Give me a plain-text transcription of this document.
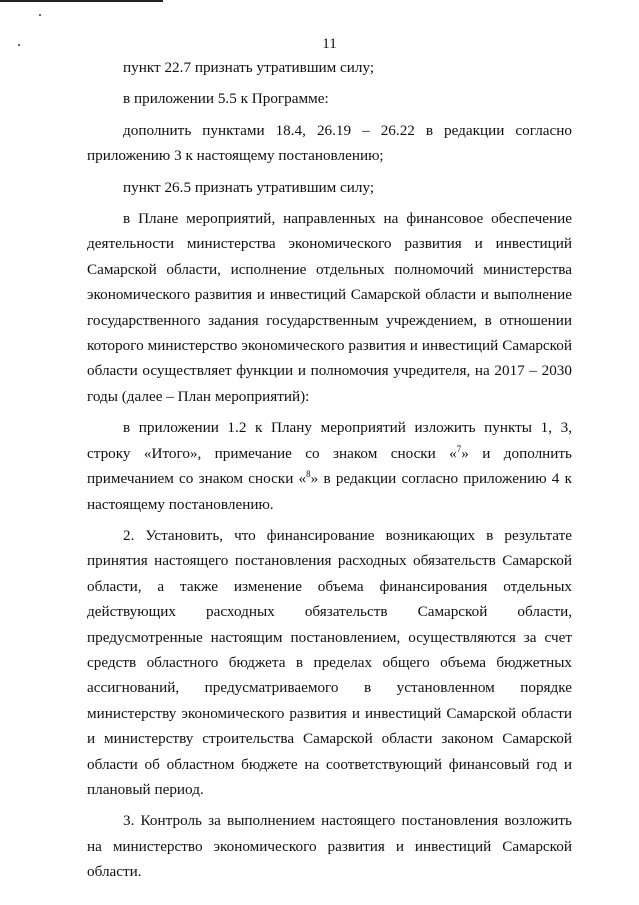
11

пункт 22.7 признать утратившим силу;

в приложении 5.5 к Программе:

дополнить пунктами 18.4, 26.19 – 26.22 в редакции согласно приложению 3 к настоящему постановлению;

пункт 26.5 признать утратившим силу;

в Плане мероприятий, направленных на финансовое обеспечение деятельности министерства экономического развития и инвестиций Самарской области, исполнение отдельных полномочий министерства экономического развития и инвестиций Самарской области и выполнение государственного задания государственным учреждением, в отношении которого министерство экономического развития и инвестиций Самарской области осуществляет функции и полномочия учредителя, на 2017 – 2030 годы (далее – План мероприятий):

в приложении 1.2 к Плану мероприятий изложить пункты 1, 3, строку «Итого», примечание со знаком сноски «$^7$» и дополнить примечанием со знаком сноски «$^8$» в редакции согласно приложению 4 к настоящему постановлению.

2. Установить, что финансирование возникающих в результате принятия настоящего постановления расходных обязательств Самарской области, а также изменение объема финансирования отдельных действующих расходных обязательств Самарской области, предусмотренные настоящим постановлением, осуществляются за счет средств областного бюджета в пределах общего объема бюджетных ассигнований, предусматриваемого в установленном порядке министерству экономического развития и инвестиций Самарской области и министерству строительства Самарской области законом Самарской области об областном бюджете на соответствующий финансовый год и плановый период.

3. Контроль за выполнением настоящего постановления возложить на министерство экономического развития и инвестиций Самарской области.
